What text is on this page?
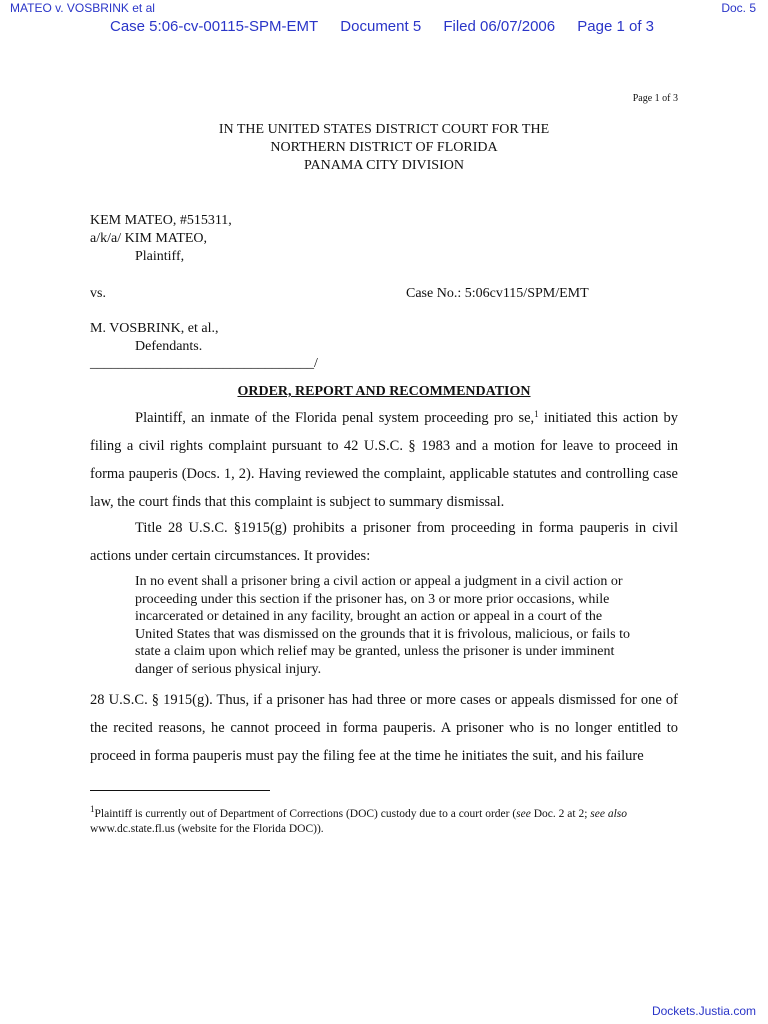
MATEO v. VOSBRINK et al	Doc. 5
Case 5:06-cv-00115-SPM-EMT Document 5 Filed 06/07/2006 Page 1 of 3
Page 1 of 3
IN THE UNITED STATES DISTRICT COURT FOR THE
NORTHERN DISTRICT OF FLORIDA
PANAMA CITY DIVISION
KEM MATEO, #515311,
a/k/a/ KIM MATEO,
Plaintiff,
vs.	Case No.: 5:06cv115/SPM/EMT
M. VOSBRINK, et al.,
Defendants.
________________________________/
ORDER, REPORT AND RECOMMENDATION
Plaintiff, an inmate of the Florida penal system proceeding pro se,$^1$ initiated this action by filing a civil rights complaint pursuant to 42 U.S.C. § 1983 and a motion for leave to proceed in forma pauperis (Docs. 1, 2). Having reviewed the complaint, applicable statutes and controlling case law, the court finds that this complaint is subject to summary dismissal.
Title 28 U.S.C. §1915(g) prohibits a prisoner from proceeding in forma pauperis in civil actions under certain circumstances. It provides:
In no event shall a prisoner bring a civil action or appeal a judgment in a civil action or proceeding under this section if the prisoner has, on 3 or more prior occasions, while incarcerated or detained in any facility, brought an action or appeal in a court of the United States that was dismissed on the grounds that it is frivolous, malicious, or fails to state a claim upon which relief may be granted, unless the prisoner is under imminent danger of serious physical injury.
28 U.S.C. § 1915(g). Thus, if a prisoner has had three or more cases or appeals dismissed for one of the recited reasons, he cannot proceed in forma pauperis. A prisoner who is no longer entitled to proceed in forma pauperis must pay the filing fee at the time he initiates the suit, and his failure
$^1$Plaintiff is currently out of Department of Corrections (DOC) custody due to a court order (see Doc. 2 at 2; see also www.dc.state.fl.us (website for the Florida DOC)).
Dockets.Justia.com
